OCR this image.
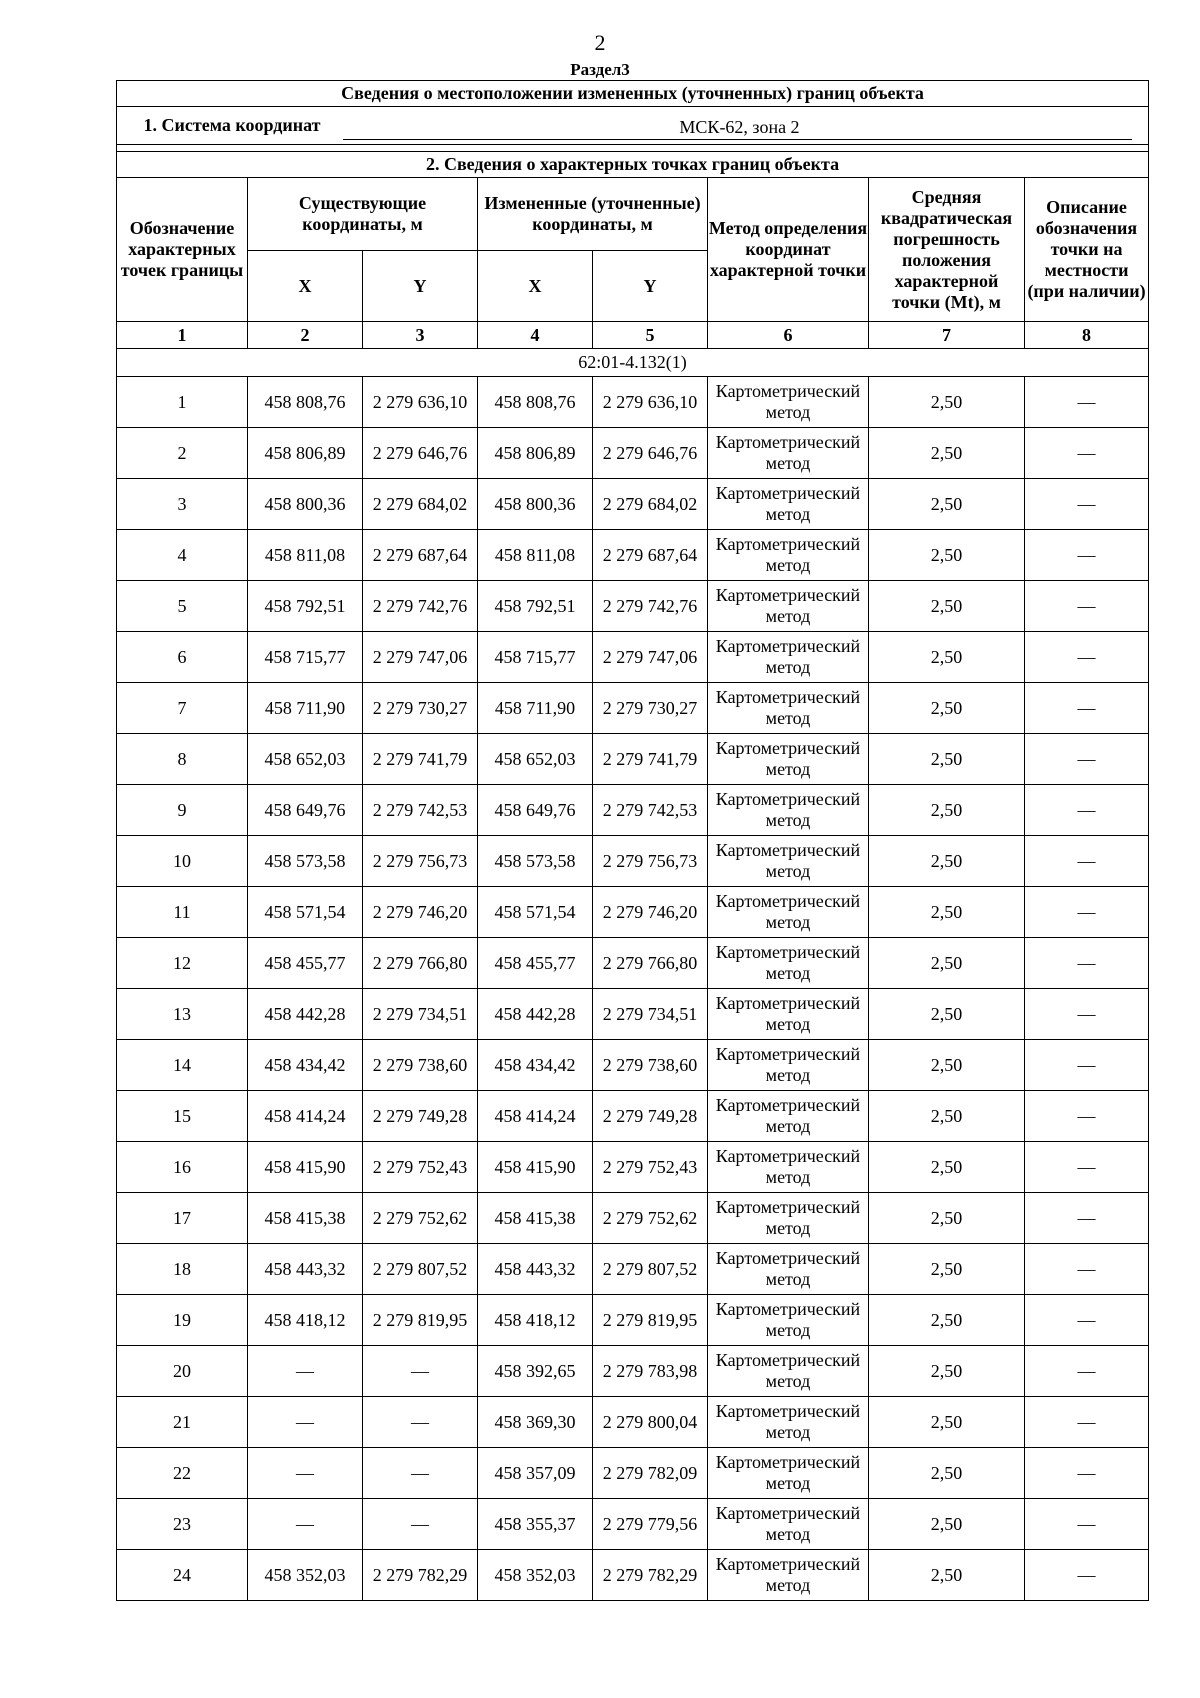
2
Раздел3
Сведения о местоположении измененных (уточненных) границ объекта							

1. Система координат МСК-62, зона 2							

2. Сведения о характерных точках границ объекта							
Обозначение характерных точек границы	Существующие координаты, м		Измененные (уточненные) координаты, м		Метод определения координат характерной точки	Средняя квадратическая погрешность положения характерной точки (Mt), м	Описание обозначения точки на местности (при наличии)
	X	Y	X	Y			
1	2	3	4	5	6	7	8
62:01-4.132(1)							
1	458 808,76	2 279 636,10	458 808,76	2 279 636,10	Картометрический метод	2,50	—
2	458 806,89	2 279 646,76	458 806,89	2 279 646,76	Картометрический метод	2,50	—
3	458 800,36	2 279 684,02	458 800,36	2 279 684,02	Картометрический метод	2,50	—
4	458 811,08	2 279 687,64	458 811,08	2 279 687,64	Картометрический метод	2,50	—
5	458 792,51	2 279 742,76	458 792,51	2 279 742,76	Картометрический метод	2,50	—
6	458 715,77	2 279 747,06	458 715,77	2 279 747,06	Картометрический метод	2,50	—
7	458 711,90	2 279 730,27	458 711,90	2 279 730,27	Картометрический метод	2,50	—
8	458 652,03	2 279 741,79	458 652,03	2 279 741,79	Картометрический метод	2,50	—
9	458 649,76	2 279 742,53	458 649,76	2 279 742,53	Картометрический метод	2,50	—
10	458 573,58	2 279 756,73	458 573,58	2 279 756,73	Картометрический метод	2,50	—
11	458 571,54	2 279 746,20	458 571,54	2 279 746,20	Картометрический метод	2,50	—
12	458 455,77	2 279 766,80	458 455,77	2 279 766,80	Картометрический метод	2,50	—
13	458 442,28	2 279 734,51	458 442,28	2 279 734,51	Картометрический метод	2,50	—
14	458 434,42	2 279 738,60	458 434,42	2 279 738,60	Картометрический метод	2,50	—
15	458 414,24	2 279 749,28	458 414,24	2 279 749,28	Картометрический метод	2,50	—
16	458 415,90	2 279 752,43	458 415,90	2 279 752,43	Картометрический метод	2,50	—
17	458 415,38	2 279 752,62	458 415,38	2 279 752,62	Картометрический метод	2,50	—
18	458 443,32	2 279 807,52	458 443,32	2 279 807,52	Картометрический метод	2,50	—
19	458 418,12	2 279 819,95	458 418,12	2 279 819,95	Картометрический метод	2,50	—
20	—	—	458 392,65	2 279 783,98	Картометрический метод	2,50	—
21	—	—	458 369,30	2 279 800,04	Картометрический метод	2,50	—
22	—	—	458 357,09	2 279 782,09	Картометрический метод	2,50	—
23	—	—	458 355,37	2 279 779,56	Картометрический метод	2,50	—
24	458 352,03	2 279 782,29	458 352,03	2 279 782,29	Картометрический метод	2,50	—
